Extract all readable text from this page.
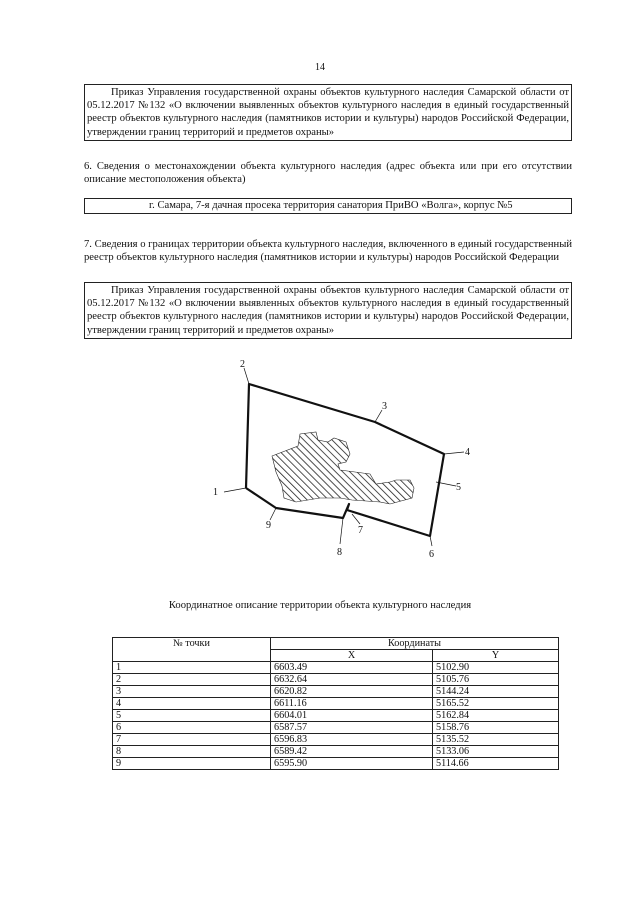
14
Приказ Управления государственной охраны объектов культурного наследия Самарской области от 05.12.2017 №132 «О включении выявленных объектов культурного наследия в единый государственный реестр объектов культурного наследия (памятников истории и культуры) народов Российской Федерации, утверждении границ территорий и предметов охраны»
6. Сведения о местонахождении объекта культурного наследия (адрес объекта или при его отсутствии описание местоположения объекта)
г. Самара, 7-я дачная просека территория санатория ПриВО «Волга», корпус №5
7. Сведения о границах территории объекта культурного наследия, включенного в единый государственный реестр объектов культурного наследия (памятников истории и культуры) народов Российской Федерации
Приказ Управления государственной охраны объектов культурного наследия Самарской области от 05.12.2017 №132 «О включении выявленных объектов культурного наследия в единый государственный реестр объектов культурного наследия (памятников истории и культуры) народов Российской Федерации, утверждении границ территорий и предметов охраны»
1
2
3
4
5
6
7
8
9
Координатное описание территории объекта культурного наследия
№ точки	Координаты	
	X	Y
1	6603.49	5102.90
2	6632.64	5105.76
3	6620.82	5144.24
4	6611.16	5165.52
5	6604.01	5162.84
6	6587.57	5158.76
7	6596.83	5135.52
8	6589.42	5133.06
9	6595.90	5114.66
